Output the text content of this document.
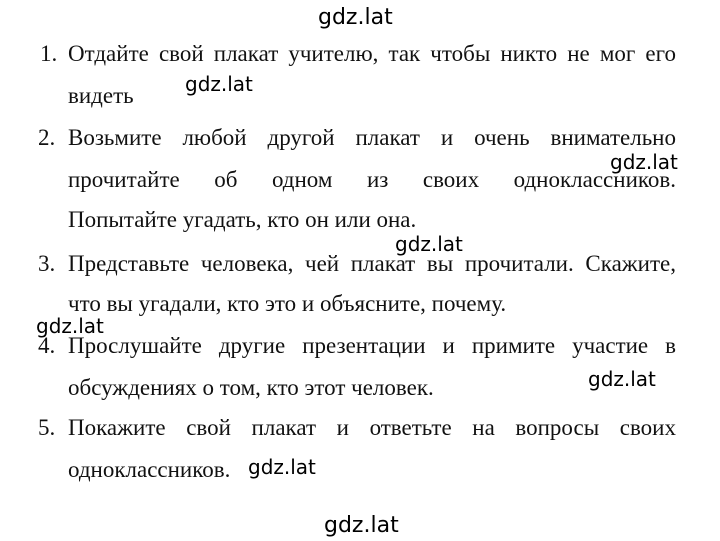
1. Отдайте свой плакат учителю, так чтобы никто не мог его
видеть
2. Возьмите любой другой плакат и очень внимательно
прочитайте об одном из своих одноклассников.
Попытайте угадать, кто он или она.
3. Представьте человека, чей плакат вы прочитали. Скажите,
что вы угадали, кто это и объясните, почему.
4. Прослушайте другие презентации и примите участие в
обсуждениях о том, кто этот человек.
5. Покажите свой плакат и ответьте на вопросы своих
одноклассников.
gdz.lat
gdz.lat
gdz.lat
gdz.lat
gdz.lat
gdz.lat
gdz.lat
gdz.lat
